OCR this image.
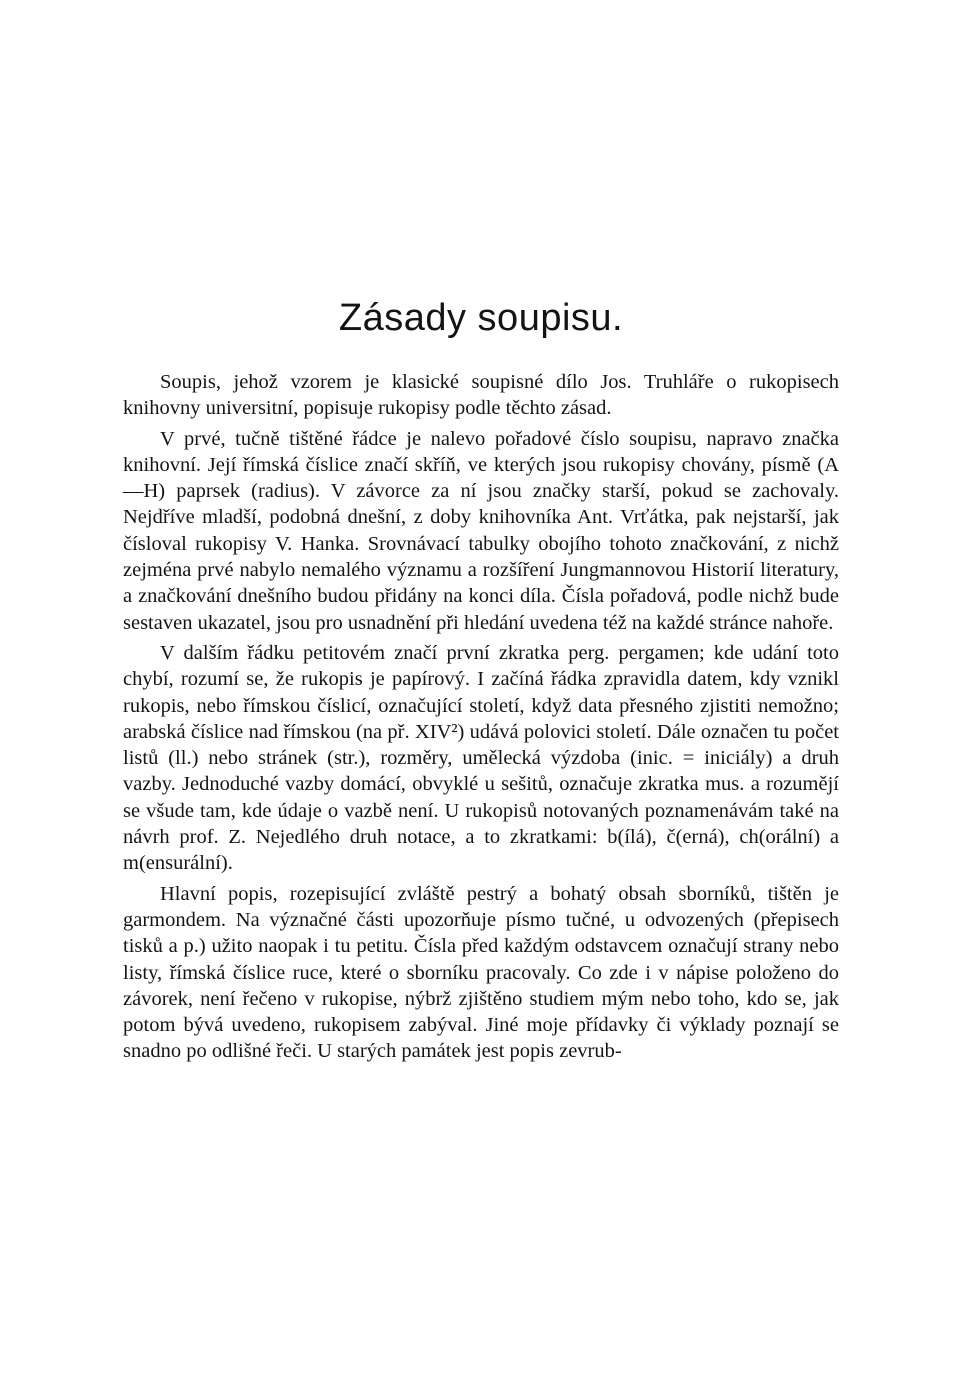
Zásady soupisu.

Soupis, jehož vzorem je klasické soupisné dílo Jos. Truhláře o rukopisech knihovny universitní, popisuje rukopisy podle těchto zásad.

V prvé, tučně tištěné řádce je nalevo pořadové číslo soupisu, napravo značka knihovní. Její římská číslice značí skříň, ve kterých jsou rukopisy chovány, písmě (A—H) paprsek (radius). V závorce za ní jsou značky starší, pokud se zachovaly. Nejdříve mladší, podobná dnešní, z doby knihovníka Ant. Vrťátka, pak nejstarší, jak čísloval rukopisy V. Hanka. Srovnávací tabulky obojího tohoto značkování, z nichž zejména prvé nabylo nemalého významu a rozšíření Jungmannovou Historií literatury, a značkování dnešního budou přidány na konci díla. Čísla pořadová, podle nichž bude sestaven ukazatel, jsou pro usnadnění při hledání uvedena též na každé stránce nahoře.

V dalším řádku petitovém značí první zkratka perg. pergamen; kde udání toto chybí, rozumí se, že rukopis je papírový. I začíná řádka zpravidla datem, kdy vznikl rukopis, nebo římskou číslicí, označující století, když data přesného zjistiti nemožno; arabská číslice nad římskou (na př. XIV²) udává polovici století. Dále označen tu počet listů (ll.) nebo stránek (str.), rozměry, umělecká výzdoba (inic. = iniciály) a druh vazby. Jednoduché vazby domácí, obvyklé u sešitů, označuje zkratka mus. a rozumějí se všude tam, kde údaje o vazbě není. U rukopisů notovaných poznamenávám také na návrh prof. Z. Nejedlého druh notace, a to zkratkami: b(ílá), č(erná), ch(orální) a m(ensurální).

Hlavní popis, rozepisující zvláště pestrý a bohatý obsah sborníků, tištěn je garmondem. Na význačné části upozorňuje písmo tučné, u odvozených (přepisech tisků a p.) užito naopak i tu petitu. Čísla před každým odstavcem označují strany nebo listy, římská číslice ruce, které o sborníku pracovaly. Co zde i v nápise položeno do závorek, není řečeno v rukopise, nýbrž zjištěno studiem mým nebo toho, kdo se, jak potom bývá uvedeno, rukopisem zabýval. Jiné moje přídavky či výklady poznají se snadno po odlišné řeči. U starých památek jest popis zevrub-
